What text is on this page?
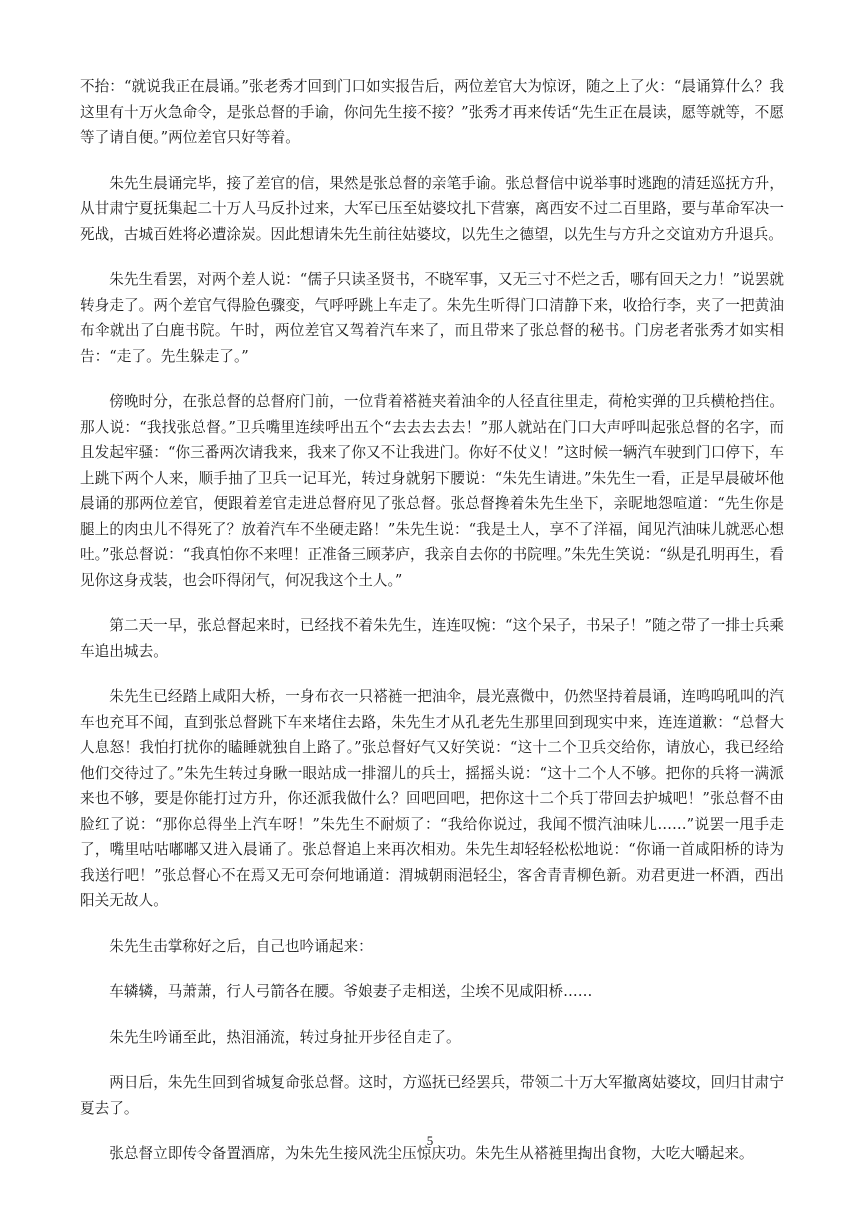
不抬：“就说我正在晨诵。”张老秀才回到门口如实报告后，两位差官大为惊讶，随之上了火：“晨诵算什么？我这里有十万火急命令，是张总督的手谕，你问先生接不接？”张秀才再来传话“先生正在晨读，愿等就等，不愿等了请自便。”两位差官只好等着。

朱先生晨诵完毕，接了差官的信，果然是张总督的亲笔手谕。张总督信中说举事时逃跑的清廷巡抚方升，从甘肃宁夏抚集起二十万人马反扑过来，大军已压至姑婆坟扎下营寨，离西安不过二百里路，要与革命军决一死战，古城百姓将必遭涂炭。因此想请朱先生前往姑婆坟，以先生之德望，以先生与方升之交谊劝方升退兵。

朱先生看罢，对两个差人说：“儒子只读圣贤书，不晓军事，又无三寸不烂之舌，哪有回天之力！”说罢就转身走了。两个差官气得脸色骤变，气呼呼跳上车走了。朱先生听得门口清静下来，收拾行李，夹了一把黄油布伞就出了白鹿书院。午时，两位差官又驾着汽车来了，而且带来了张总督的秘书。门房老者张秀才如实相告：“走了。先生躲走了。”

傍晚时分，在张总督的总督府门前，一位背着褡裢夹着油伞的人径直往里走，荷枪实弹的卫兵横枪挡住。那人说：“我找张总督。”卫兵嘴里连续呼出五个“去去去去去！”那人就站在门口大声呼叫起张总督的名字，而且发起牢骚：“你三番两次请我来，我来了你又不让我进门。你好不仗义！”这时候一辆汽车驶到门口停下，车上跳下两个人来，顺手抽了卫兵一记耳光，转过身就躬下腰说：“朱先生请进。”朱先生一看，正是早晨破坏他晨诵的那两位差官，便跟着差官走进总督府见了张总督。张总督搀着朱先生坐下，亲昵地怨喧道：“先生你是腿上的肉虫儿不得死了？放着汽车不坐硬走路！”朱先生说：“我是土人，享不了洋福，闻见汽油味儿就恶心想吐。”张总督说：“我真怕你不来哩！正准备三顾茅庐，我亲自去你的书院哩。”朱先生笑说：“纵是孔明再生，看见你这身戎装，也会吓得闭气，何况我这个土人。”

第二天一早，张总督起来时，已经找不着朱先生，连连叹惋：“这个呆子，书呆子！”随之带了一排士兵乘车追出城去。

朱先生已经踏上咸阳大桥，一身布衣一只褡裢一把油伞，晨光熹微中，仍然坚持着晨诵，连鸣呜吼叫的汽车也充耳不闻，直到张总督跳下车来堵住去路，朱先生才从孔老先生那里回到现实中来，连连道歉：“总督大人息怒！我怕打扰你的瞌睡就独自上路了。”张总督好气又好笑说：“这十二个卫兵交给你，请放心，我已经给他们交待过了。”朱先生转过身瞅一眼站成一排溜儿的兵士，摇摇头说：“这十二个人不够。把你的兵将一满派来也不够，要是你能打过方升，你还派我做什么？回吧回吧，把你这十二个兵丁带回去护城吧！”张总督不由脸红了说：“那你总得坐上汽车呀！”朱先生不耐烦了：“我给你说过，我闻不惯汽油味儿……”说罢一甩手走了，嘴里咕咕嘟嘟又进入晨诵了。张总督追上来再次相劝。朱先生却轻轻松松地说：“你诵一首咸阳桥的诗为我送行吧！”张总督心不在焉又无可奈何地诵道：渭城朝雨浥轻尘，客舍青青柳色新。劝君更进一杯酒，西出阳关无故人。

朱先生击掌称好之后，自己也吟诵起来：

车辚辚，马萧萧，行人弓箭各在腰。爷娘妻子走相送，尘埃不见咸阳桥……

朱先生吟诵至此，热泪涌流，转过身扯开步径自走了。

两日后，朱先生回到省城复命张总督。这时，方巡抚已经罢兵，带领二十万大军撤离姑婆坟，回归甘肃宁夏去了。

张总督立即传令备置酒席，为朱先生接风洗尘压惊庆功。朱先生从褡裢里掏出食物，大吃大嚼起来。

5
